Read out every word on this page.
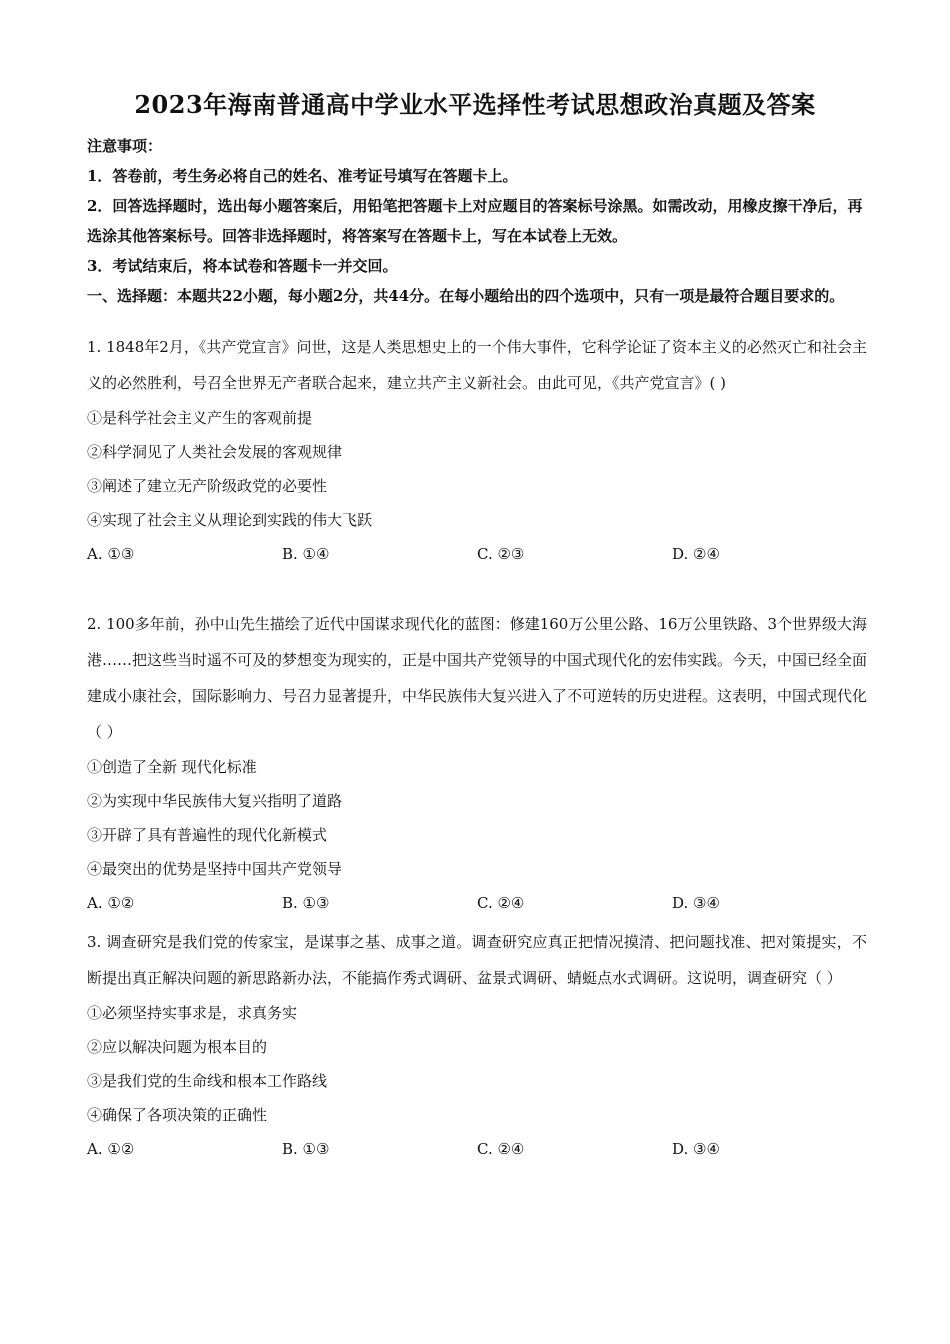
2023年海南普通高中学业水平选择性考试思想政治真题及答案
注意事项：
1．答卷前，考生务必将自己的姓名、准考证号填写在答题卡上。
2．回答选择题时，选出每小题答案后，用铅笔把答题卡上对应题目的答案标号涂黑。如需改动，用橡皮擦干净后，再选涂其他答案标号。回答非选择题时，将答案写在答题卡上，写在本试卷上无效。
3．考试结束后，将本试卷和答题卡一并交回。
一、选择题：本题共22小题，每小题2分，共44分。在每小题给出的四个选项中，只有一项是最符合题目要求的。
1. 1848年2月，《共产党宣言》问世，这是人类思想史上的一个伟大事件，它科学论证了资本主义的必然灭亡和社会主义的必然胜利，号召全世界无产者联合起来，建立共产主义新社会。由此可见，《共产党宣言》( )
①是科学社会主义产生的客观前提
②科学洞见了人类社会发展的客观规律
③阐述了建立无产阶级政党的必要性
④实现了社会主义从理论到实践的伟大飞跃
A. ①③	B. ①④	C. ②③	D. ②④
2. 100多年前，孙中山先生描绘了近代中国谋求现代化的蓝图：修建160万公里公路、16万公里铁路、3个世界级大海港……把这些当时遥不可及的梦想变为现实的，正是中国共产党领导的中国式现代化的宏伟实践。今天，中国已经全面建成小康社会，国际影响力、号召力显著提升，中华民族伟大复兴进入了不可逆转的历史进程。这表明，中国式现代化（ ）
①创造了全新 现代化标准
②为实现中华民族伟大复兴指明了道路
③开辟了具有普遍性的现代化新模式
④最突出的优势是坚持中国共产党领导
A. ①②	B. ①③	C. ②④	D. ③④
3. 调查研究是我们党的传家宝，是谋事之基、成事之道。调查研究应真正把情况摸清、把问题找准、把对策提实，不断提出真正解决问题的新思路新办法，不能搞作秀式调研、盆景式调研、蜻蜓点水式调研。这说明，调查研究（ ）
①必须坚持实事求是，求真务实
②应以解决问题为根本目的
③是我们党的生命线和根本工作路线
④确保了各项决策的正确性
A. ①②	B. ①③	C. ②④	D. ③④
